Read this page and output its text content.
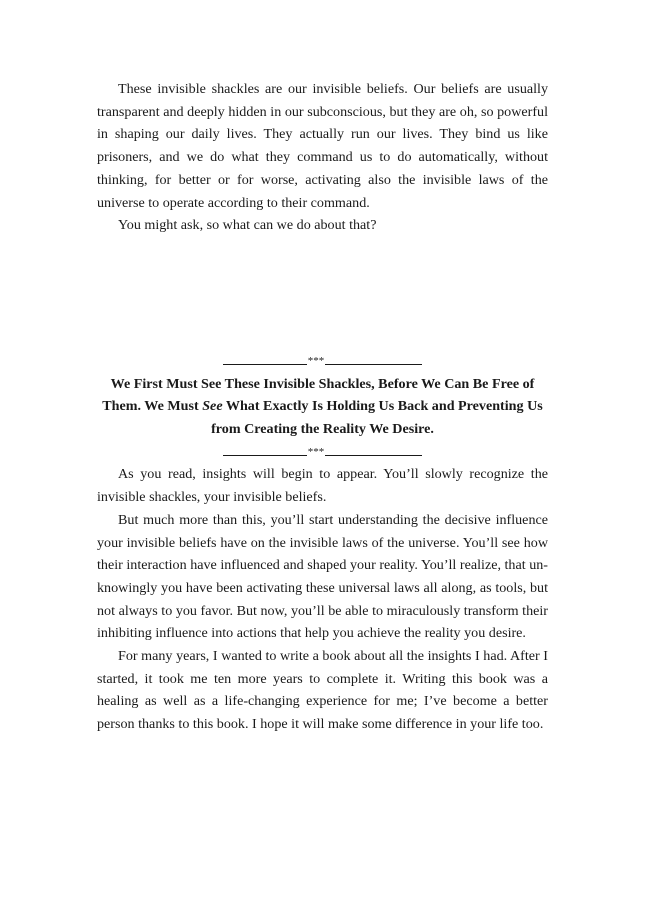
These invisible shackles are our invisible beliefs. Our beliefs are usually transparent and deeply hidden in our subconscious, but they are oh, so powerful in shaping our daily lives. They actually run our lives. They bind us like prisoners, and we do what they command us to do automatically, without thinking, for better or for worse, activating also the invisible laws of the universe to operate according to their command.

You might ask, so what can we do about that?

***

We First Must See These Invisible Shackles, Before We Can Be Free of Them. We Must See What Exactly Is Holding Us Back and Preventing Us from Creating the Reality We Desire.

***

As you read, insights will begin to appear. You’ll slowly recognize the invisible shackles, your invisible beliefs.

But much more than this, you’ll start understanding the decisive influence your invisible beliefs have on the invisible laws of the universe. You’ll see how their interaction have influenced and shaped your reality. You’ll realize, that un-knowingly you have been activating these universal laws all along, as tools, but not always to you favor. But now, you’ll be able to miraculously transform their inhibiting influence into actions that help you achieve the reality you desire.

For many years, I wanted to write a book about all the insights I had. After I started, it took me ten more years to complete it. Writing this book was a healing as well as a life-changing experience for me; I’ve become a better person thanks to this book. I hope it will make some difference in your life too.
